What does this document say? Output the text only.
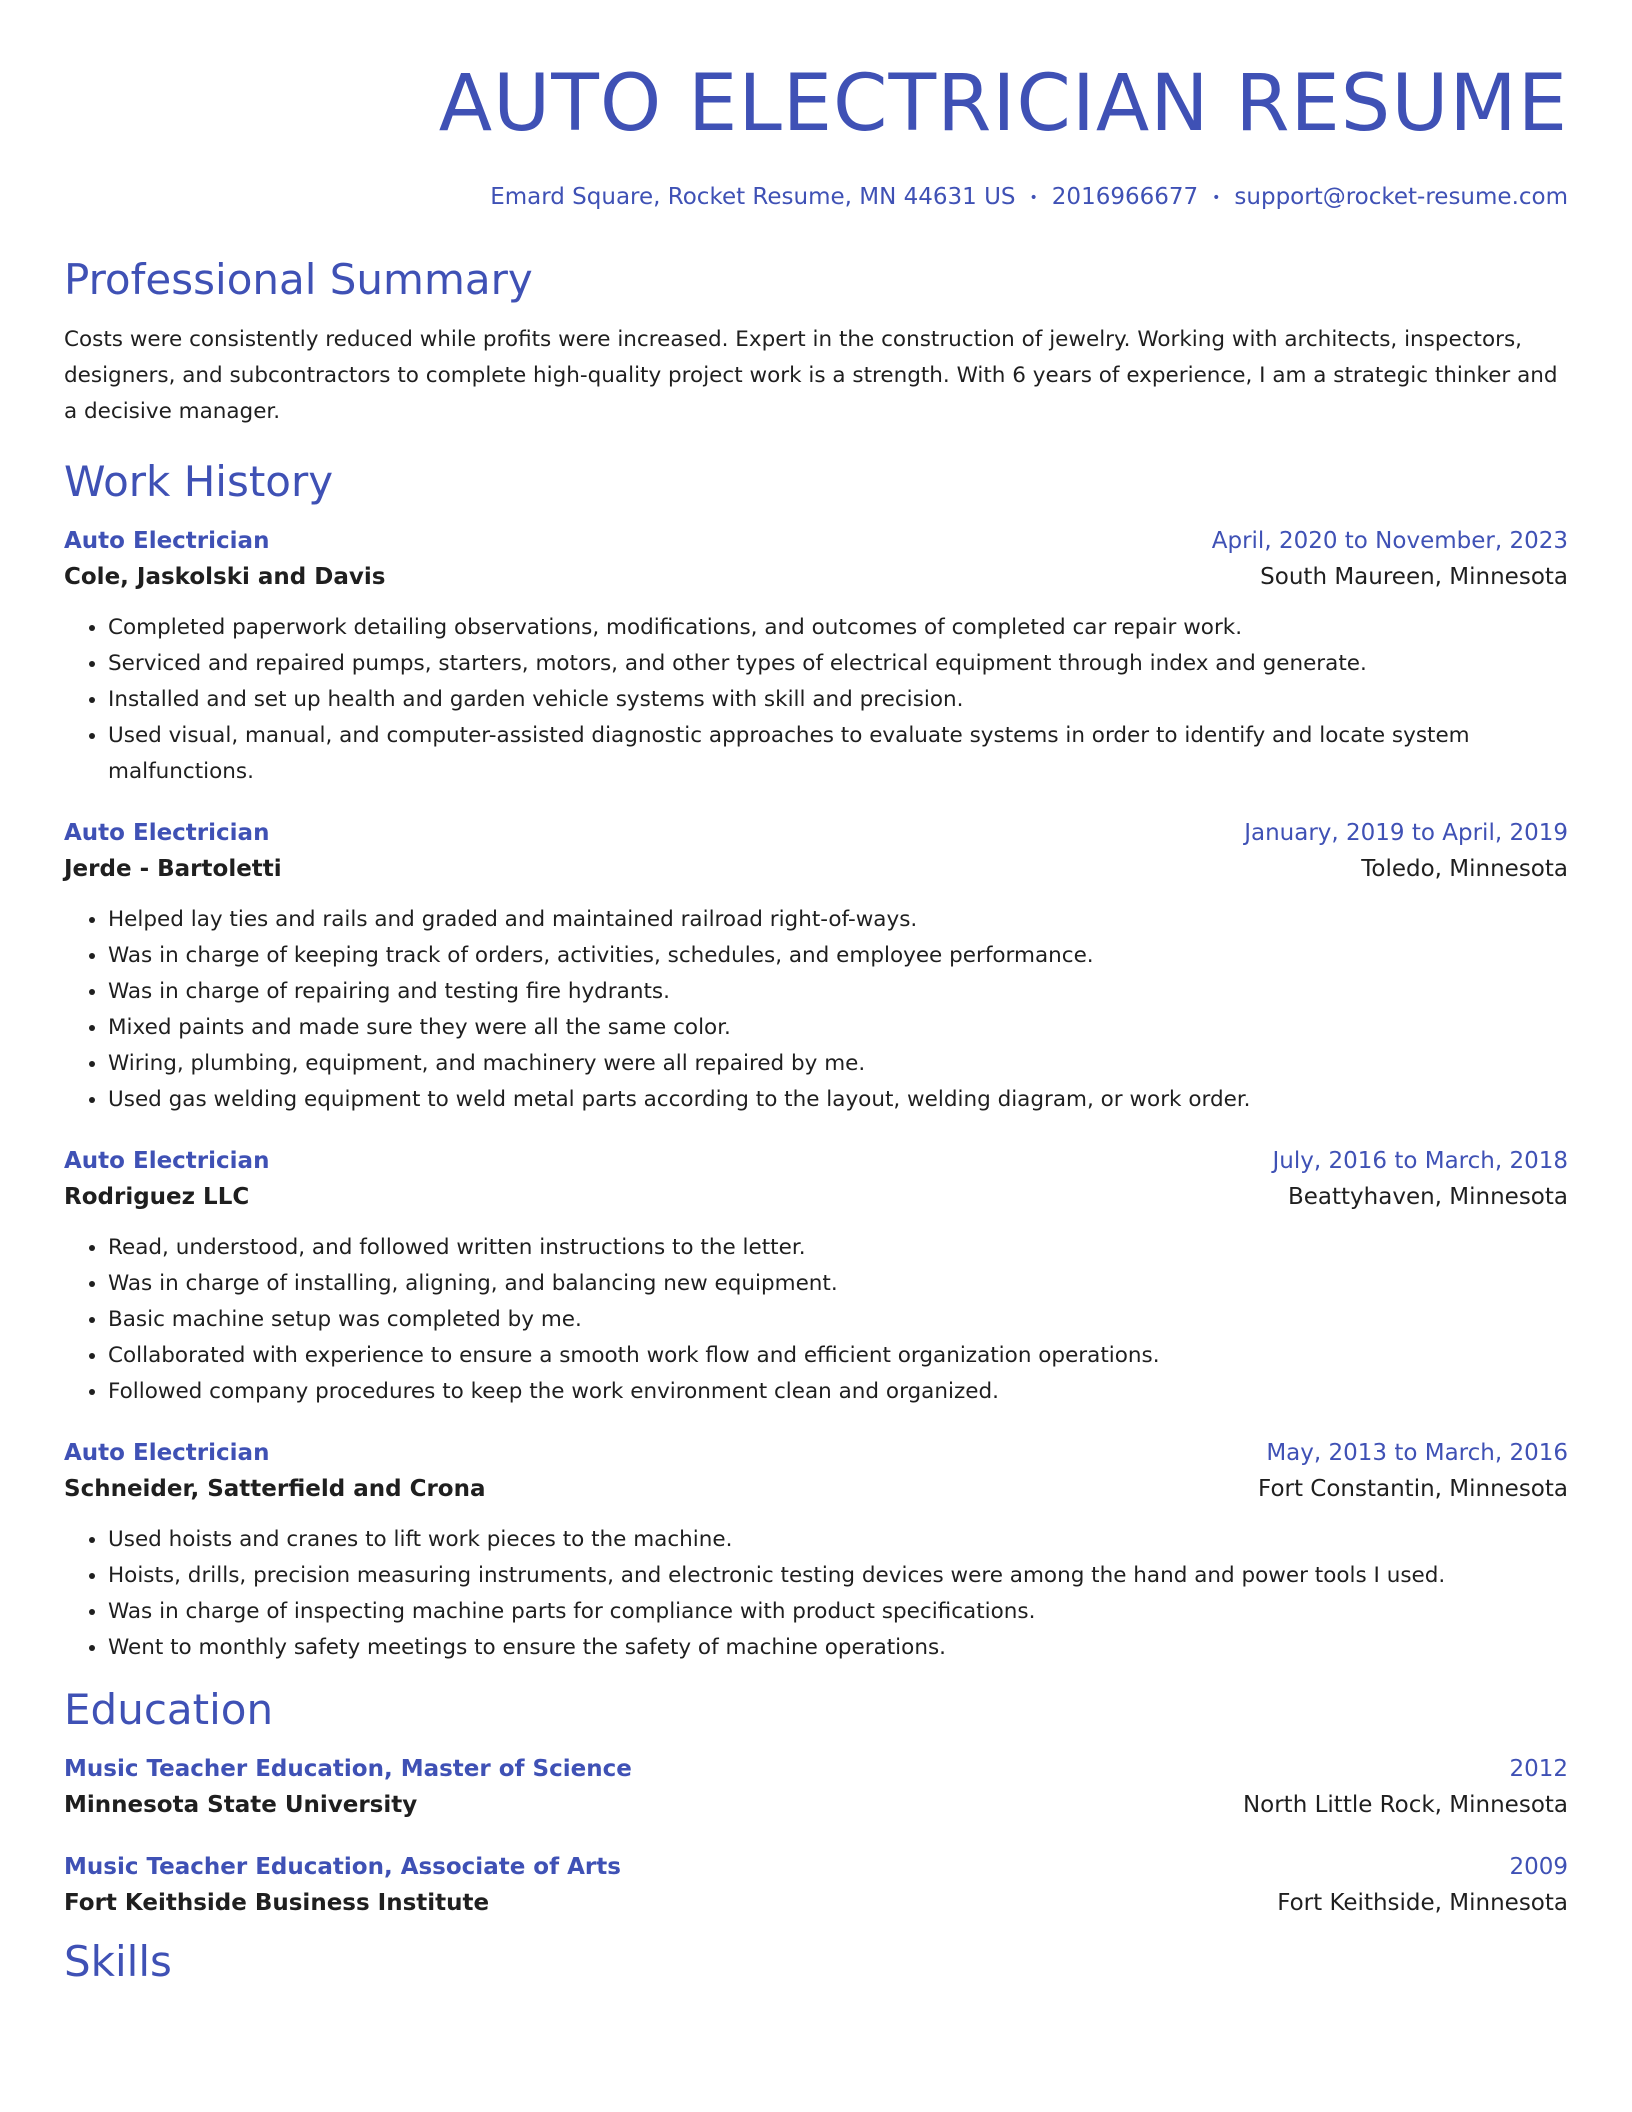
AUTO ELECTRICIAN RESUME
Emard Square, Rocket Resume, MN 44631 US • 2016966677 • support@rocket-resume.com
Professional Summary

Costs were consistently reduced while profits were increased. Expert in the construction of jewelry. Working with architects, inspectors, designers, and subcontractors to complete high-quality project work is a strength. With 6 years of experience, I am a strategic thinker and a decisive manager.

Work History
Auto Electrician	April, 2020 to November, 2023
Cole, Jaskolski and Davis	South Maureen, Minnesota
• Completed paperwork detailing observations, modifications, and outcomes of completed car repair work.
• Serviced and repaired pumps, starters, motors, and other types of electrical equipment through index and generate.
• Installed and set up health and garden vehicle systems with skill and precision.
• Used visual, manual, and computer-assisted diagnostic approaches to evaluate systems in order to identify and locate system malfunctions.
Auto Electrician	January, 2019 to April, 2019
Jerde - Bartoletti	Toledo, Minnesota
• Helped lay ties and rails and graded and maintained railroad right-of-ways.
• Was in charge of keeping track of orders, activities, schedules, and employee performance.
• Was in charge of repairing and testing fire hydrants.
• Mixed paints and made sure they were all the same color.
• Wiring, plumbing, equipment, and machinery were all repaired by me.
• Used gas welding equipment to weld metal parts according to the layout, welding diagram, or work order.
Auto Electrician	July, 2016 to March, 2018
Rodriguez LLC	Beattyhaven, Minnesota
• Read, understood, and followed written instructions to the letter.
• Was in charge of installing, aligning, and balancing new equipment.
• Basic machine setup was completed by me.
• Collaborated with experience to ensure a smooth work flow and efficient organization operations.
• Followed company procedures to keep the work environment clean and organized.
Auto Electrician	May, 2013 to March, 2016
Schneider, Satterfield and Crona	Fort Constantin, Minnesota
• Used hoists and cranes to lift work pieces to the machine.
• Hoists, drills, precision measuring instruments, and electronic testing devices were among the hand and power tools I used.
• Was in charge of inspecting machine parts for compliance with product specifications.
• Went to monthly safety meetings to ensure the safety of machine operations.
Education
Music Teacher Education, Master of Science	2012
Minnesota State University	North Little Rock, Minnesota
Music Teacher Education, Associate of Arts	2009
Fort Keithside Business Institute	Fort Keithside, Minnesota
Skills
